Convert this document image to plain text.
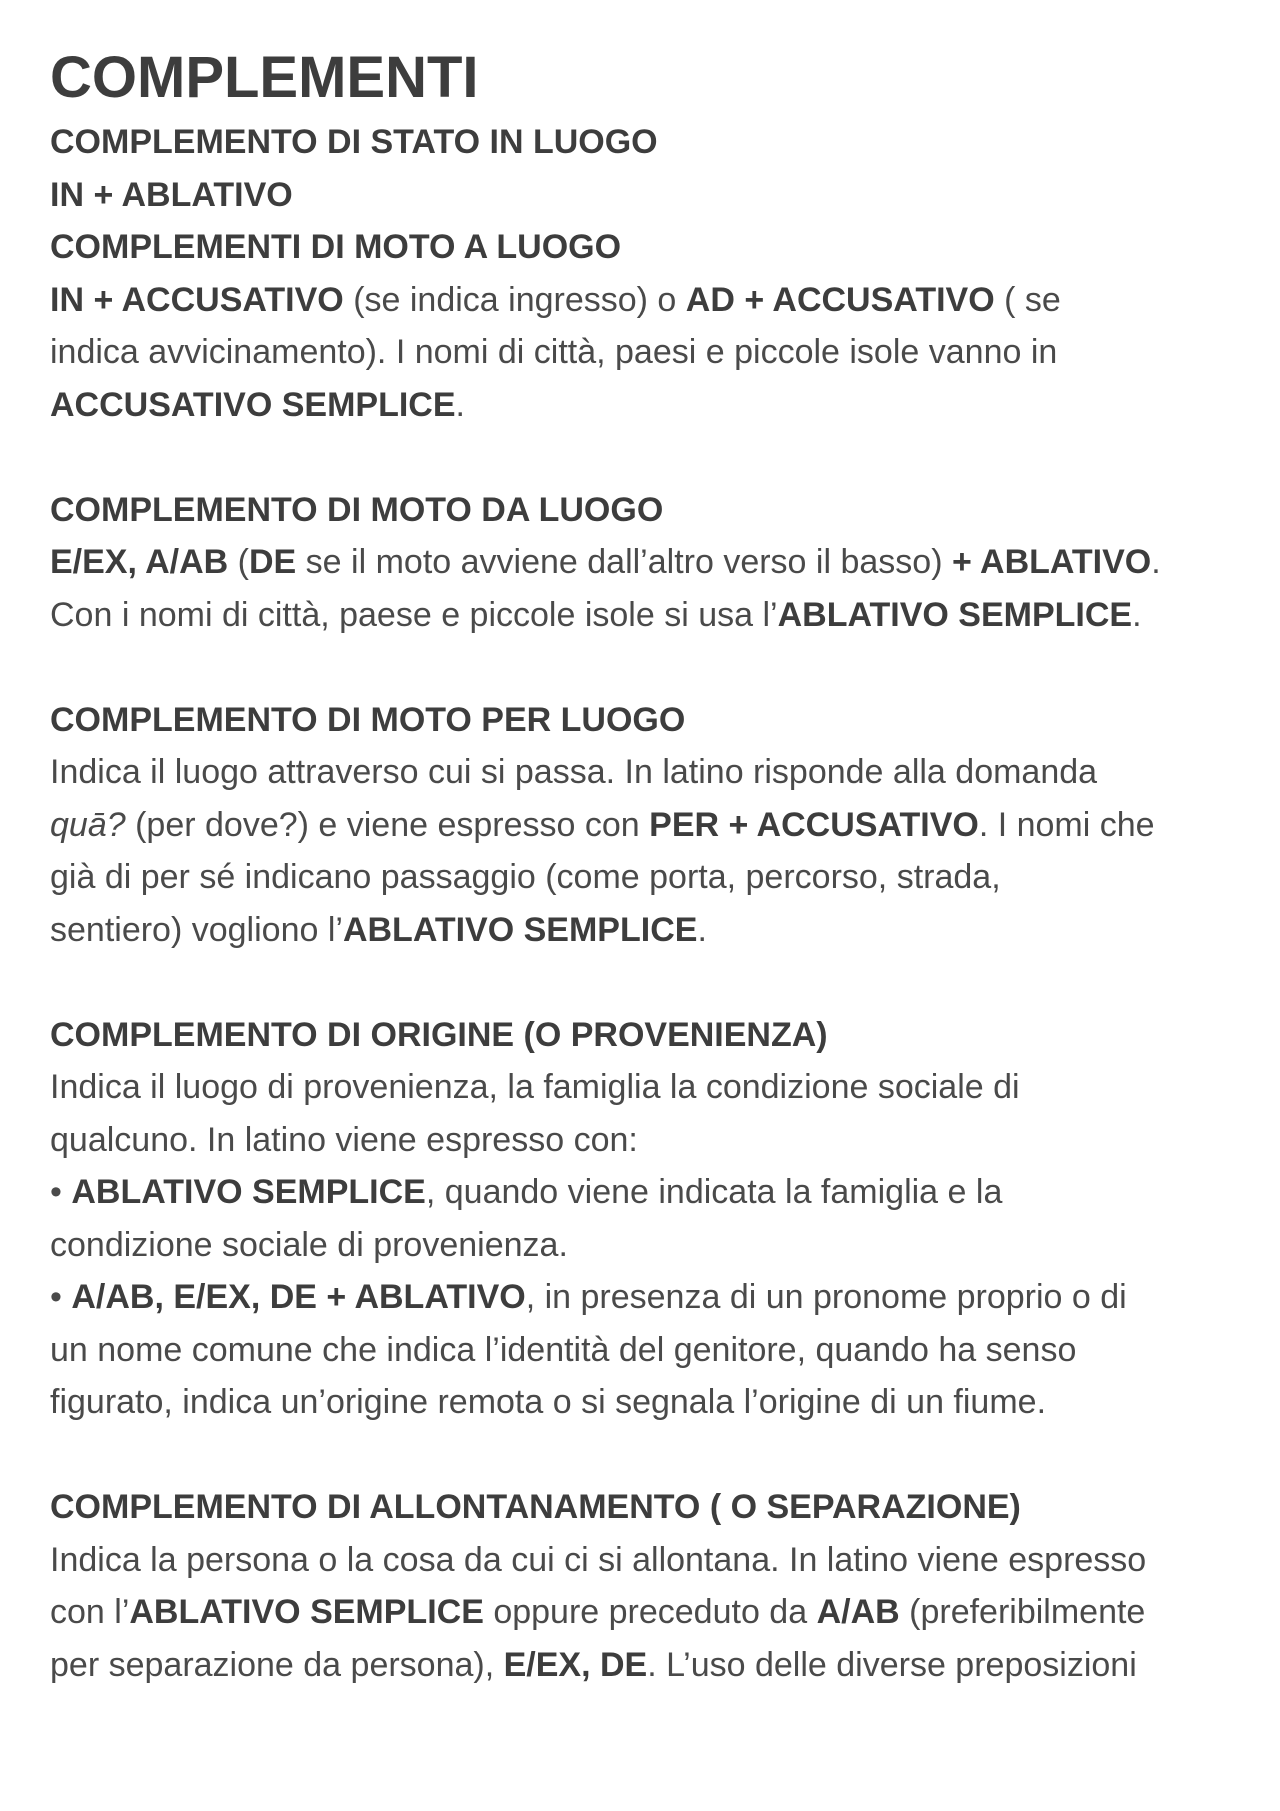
COMPLEMENTI

COMPLEMENTO DI STATO IN LUOGO

IN + ABLATIVO

COMPLEMENTI DI MOTO A LUOGO

IN + ACCUSATIVO (se indica ingresso) o AD + ACCUSATIVO ( se

indica avvicinamento). I nomi di città, paesi e piccole isole vanno in

ACCUSATIVO SEMPLICE.

COMPLEMENTO DI MOTO DA LUOGO

E/EX, A/AB (DE se il moto avviene dall’altro verso il basso) + ABLATIVO.

Con i nomi di città, paese e piccole isole si usa l’ABLATIVO SEMPLICE.

COMPLEMENTO DI MOTO PER LUOGO

Indica il luogo attraverso cui si passa. In latino risponde alla domanda

quā? (per dove?) e viene espresso con PER + ACCUSATIVO. I nomi che

già di per sé indicano passaggio (come porta, percorso, strada,

sentiero) vogliono l’ABLATIVO SEMPLICE.

COMPLEMENTO DI ORIGINE (O PROVENIENZA)

Indica il luogo di provenienza, la famiglia la condizione sociale di

qualcuno. In latino viene espresso con:

• ABLATIVO SEMPLICE, quando viene indicata la famiglia e la

condizione sociale di provenienza.

• A/AB, E/EX, DE + ABLATIVO, in presenza di un pronome proprio o di

un nome comune che indica l’identità del genitore, quando ha senso

figurato, indica un’origine remota o si segnala l’origine di un fiume.

COMPLEMENTO DI ALLONTANAMENTO ( O SEPARAZIONE)

Indica la persona o la cosa da cui ci si allontana. In latino viene espresso

con l’ABLATIVO SEMPLICE oppure preceduto da A/AB (preferibilmente

per separazione da persona), E/EX, DE. L’uso delle diverse preposizioni
